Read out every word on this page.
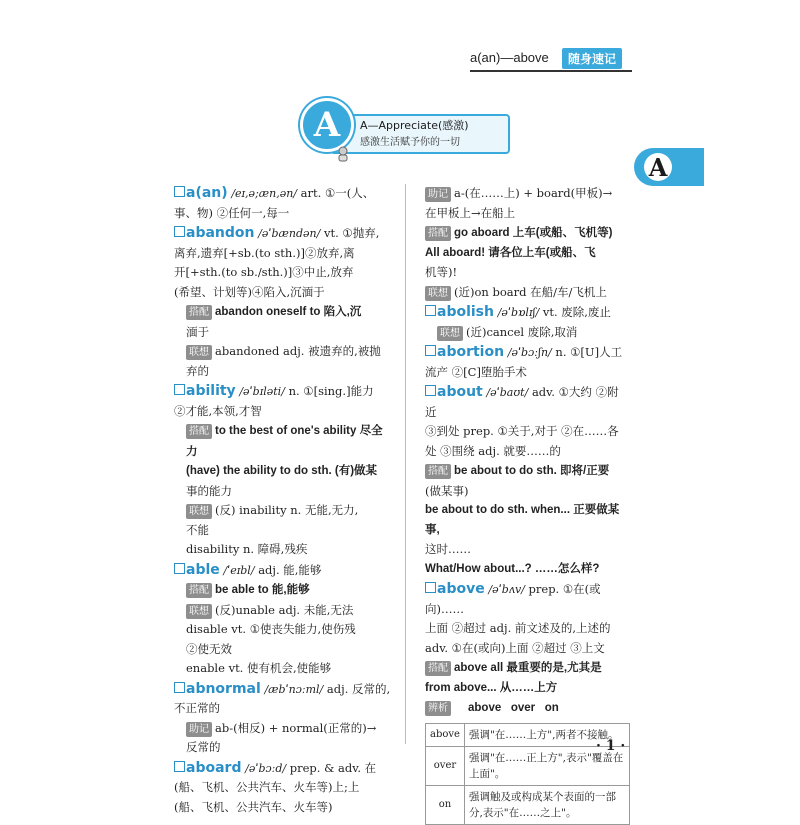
a(an)—above	随身速记
A	A—Appreciate(感激)
感激生活赋予你的一切
A
a(an) /eɪ,ə;æn,ən/ art. ①一(人、
事、物) ②任何一,每一
abandon /əˈbændən/ vt. ①抛弃,
离弃,遗弃[+sb.(to sth.)]②放弃,离
开[+sth.(to sb./sth.)]③中止,放弃
(希望、计划等)④陷入,沉湎于
搭配 abandon oneself to 陷入,沉
湎于
联想 abandoned adj. 被遗弃的,被抛
弃的
ability /əˈbɪləti/ n. ①[sing.]能力
②才能,本领,才智
搭配 to the best of one's ability 尽全力
(have) the ability to do sth. (有)做某
事的能力
联想 (反) inability n. 无能,无力,
不能
disability n. 障碍,残疾
able /ˈeɪbl/ adj. 能,能够
搭配 be able to 能,能够
联想 (反)unable adj. 未能,无法
disable vt. ①使丧失能力,使伤残
②使无效
enable vt. 使有机会,使能够
abnormal /æbˈnɔːml/ adj. 反常的,
不正常的
助记 ab-(相反) + normal(正常的)→
反常的
aboard /əˈbɔːd/ prep. & adv. 在
(船、飞机、公共汽车、火车等)上;上
(船、飞机、公共汽车、火车等)
助记 a-(在……上) + board(甲板)→
在甲板上→在船上
搭配 go aboard 上车(或船、飞机等)
All aboard! 请各位上车(或船、飞
机等)!
联想 (近)on board 在船/车/飞机上
abolish /əˈbɒlɪʃ/ vt. 废除,废止
联想 (近)cancel 废除,取消
abortion /əˈbɔːʃn/ n. ①[U]人工
流产 ②[C]堕胎手术
about /əˈbaʊt/ adv. ①大约 ②附近
③到处 prep. ①关于,对于 ②在……各
处 ③围绕 adj. 就要……的
搭配 be about to do sth. 即将/正要
(做某事)
be about to do sth. when... 正要做某事,
这时……
What/How about...? ……怎么样?
above /əˈbʌv/ prep. ①在(或向)……
上面 ②超过 adj. 前文述及的,上述的
adv. ①在(或向)上面 ②超过 ③上文
搭配 above all 最重要的是,尤其是
from above... 从……上方
辨析 above   over   on
above	强调"在……上方",两者不接触。
over	强调"在……正上方",表示"覆盖在上面"。
on	强调触及或构成某个表面的一部分,表示"在……之上"。
· 1 ·
